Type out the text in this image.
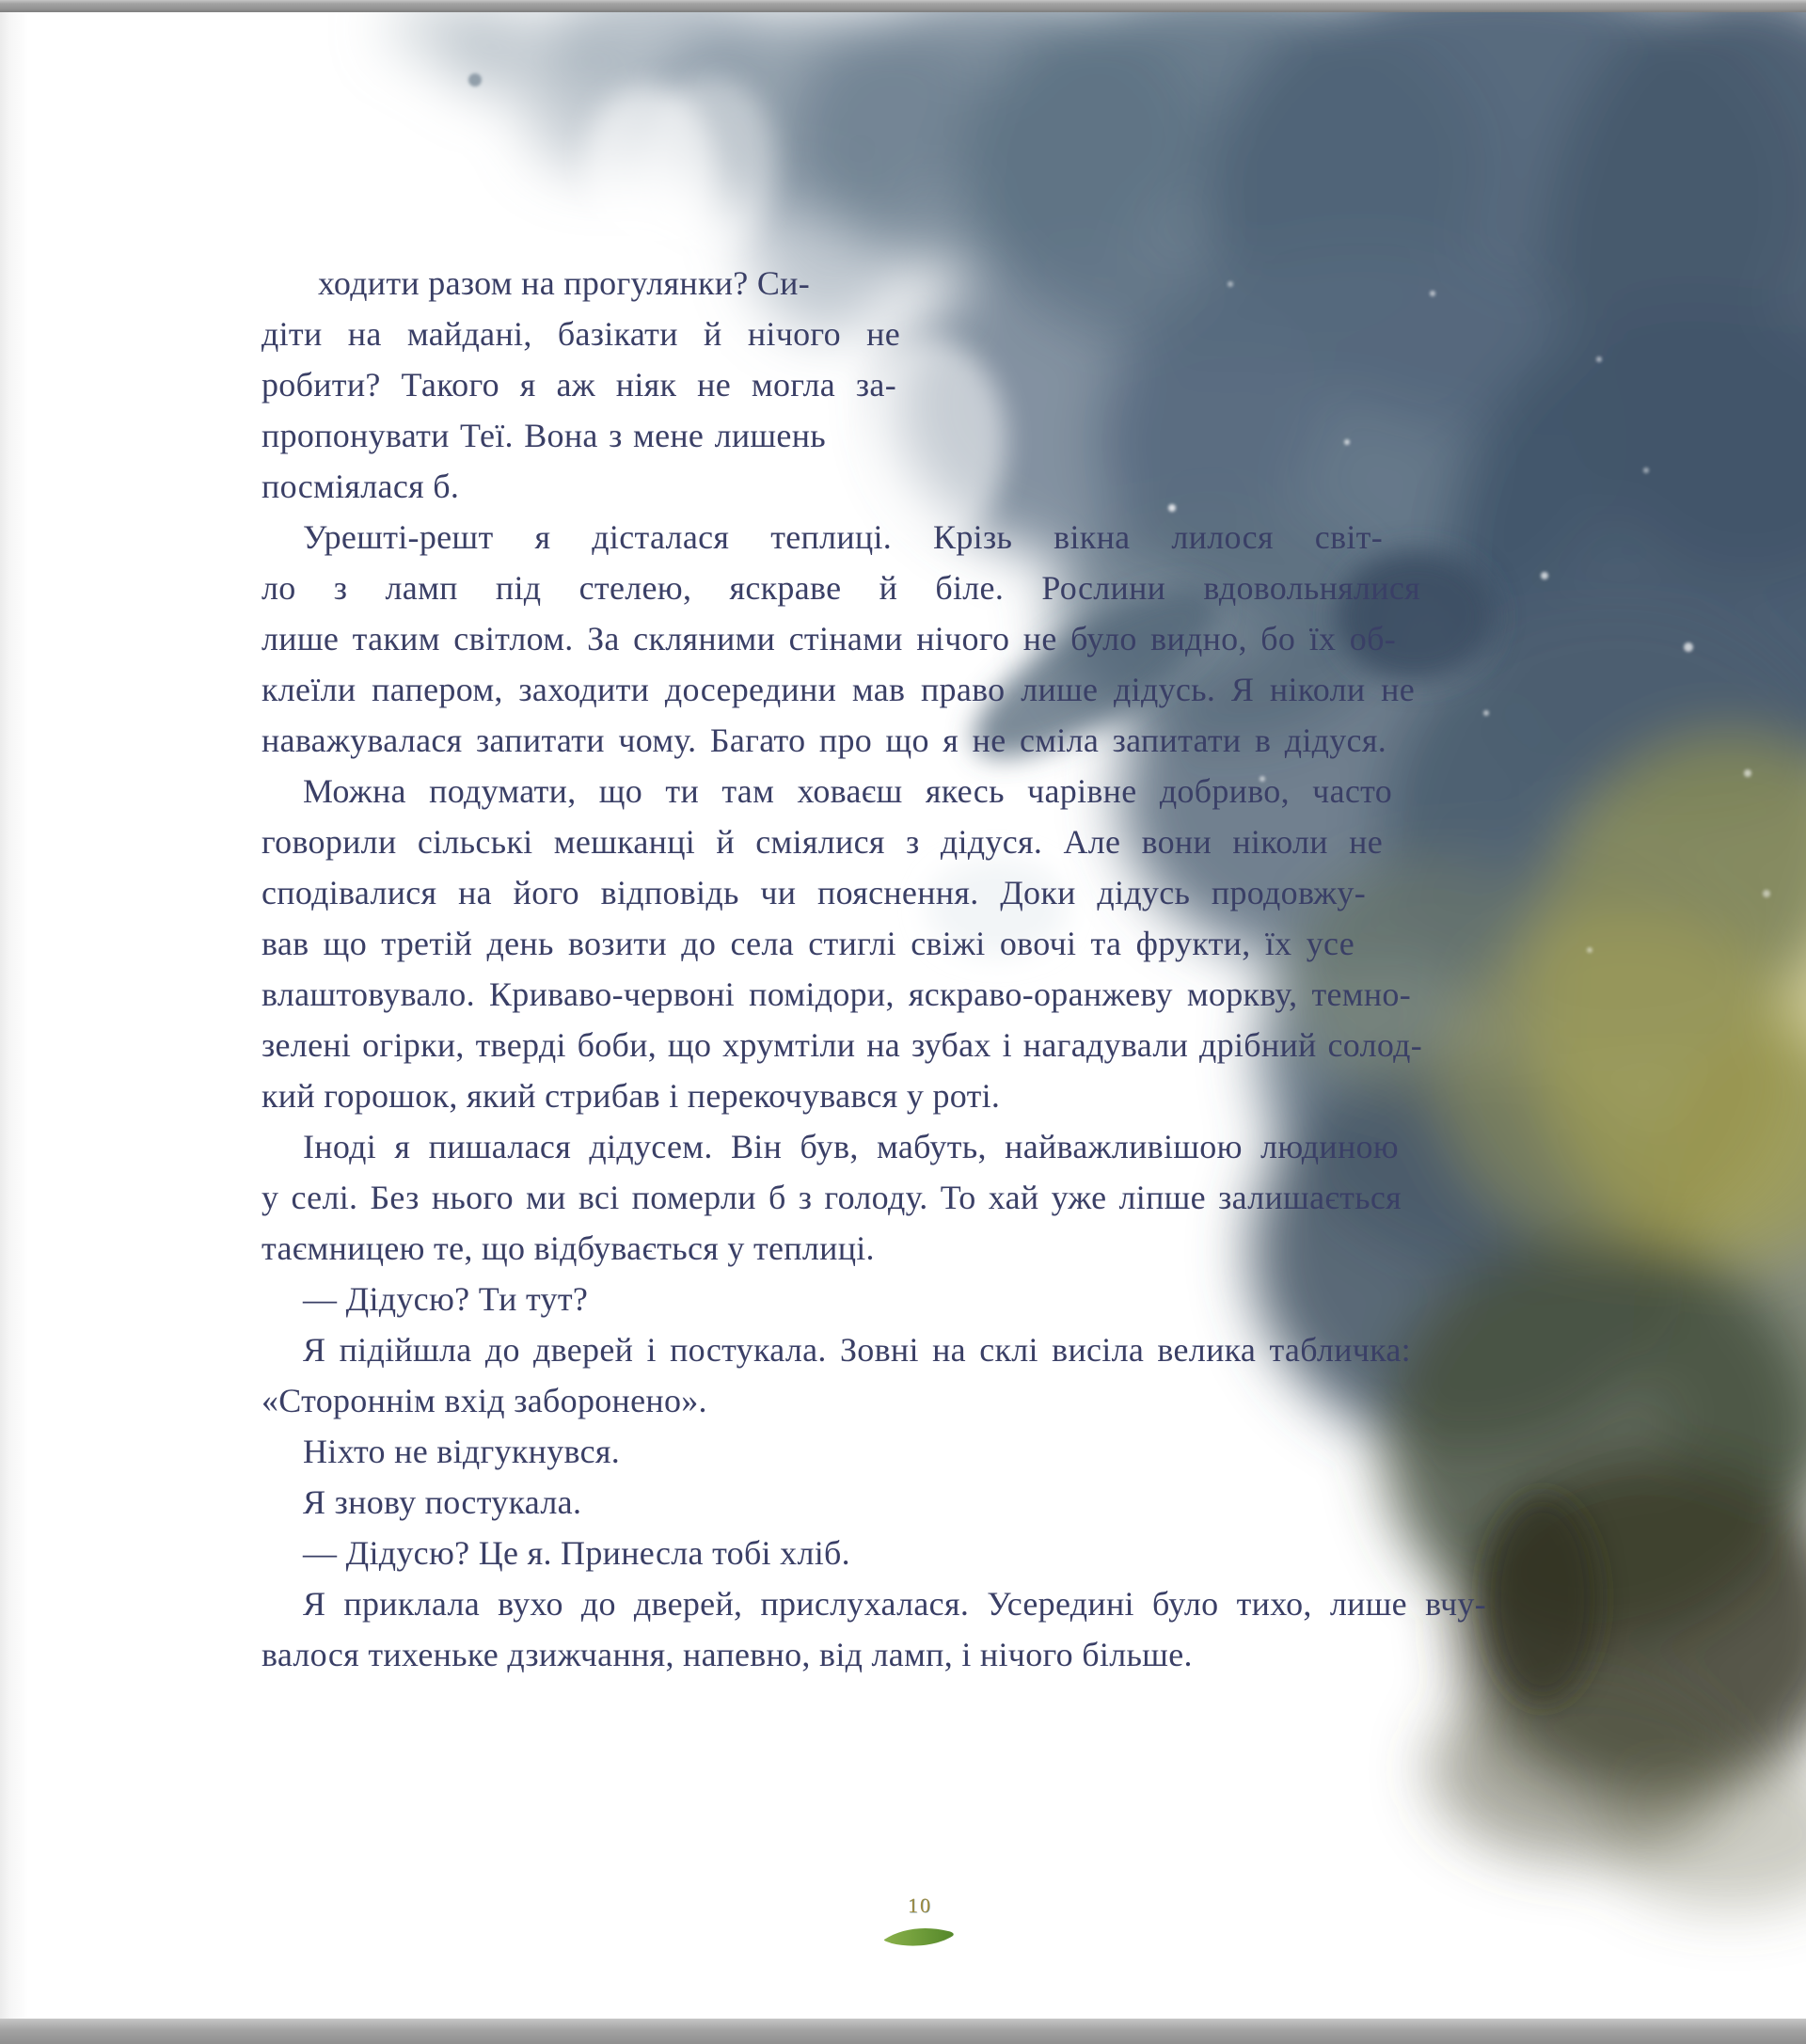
ходити разом на прогулянки? Си-
діти на майдані, базікати й нічого не
робити? Такого я аж ніяк не могла за-
пропонувати Теї. Вона з мене лишень
посміялася б.
Урешті-решт я дісталася теплиці. Крізь вікна лилося світ-
ло з ламп під стелею, яскраве й біле. Рослини вдовольнялися
лише таким світлом. За скляними стінами нічого не було видно, бо їх об-
клеїли папером, заходити досередини мав право лише дідусь. Я ніколи не
наважувалася запитати чому. Багато про що я не сміла запитати в дідуся.
Можна подумати, що ти там ховаєш якесь чарівне добриво, часто
говорили сільські мешканці й сміялися з дідуся. Але вони ніколи не
сподівалися на його відповідь чи пояснення. Доки дідусь продовжу-
вав що третій день возити до села стиглі свіжі овочі та фрукти, їх усе
влаштовувало. Криваво-червоні помідори, яскраво-оранжеву моркву, темно-
зелені огірки, тверді боби, що хрумтіли на зубах і нагадували дрібний солод-
кий горошок, який стрибав і перекочувався у роті.
Іноді я пишалася дідусем. Він був, мабуть, найважливішою людиною
у селі. Без нього ми всі померли б з голоду. То хай уже ліпше залишається
таємницею те, що відбувається у теплиці.
— Дідусю? Ти тут?
Я підійшла до дверей і постукала. Зовні на склі висіла велика табличка:
«Стороннім вхід заборонено».
Ніхто не відгукнувся.
Я знову постукала.
— Дідусю? Це я. Принесла тобі хліб.
Я приклала вухо до дверей, прислухалася. Усередині було тихо, лише вчу-
валося тихеньке дзижчання, напевно, від ламп, і нічого більше.
10
